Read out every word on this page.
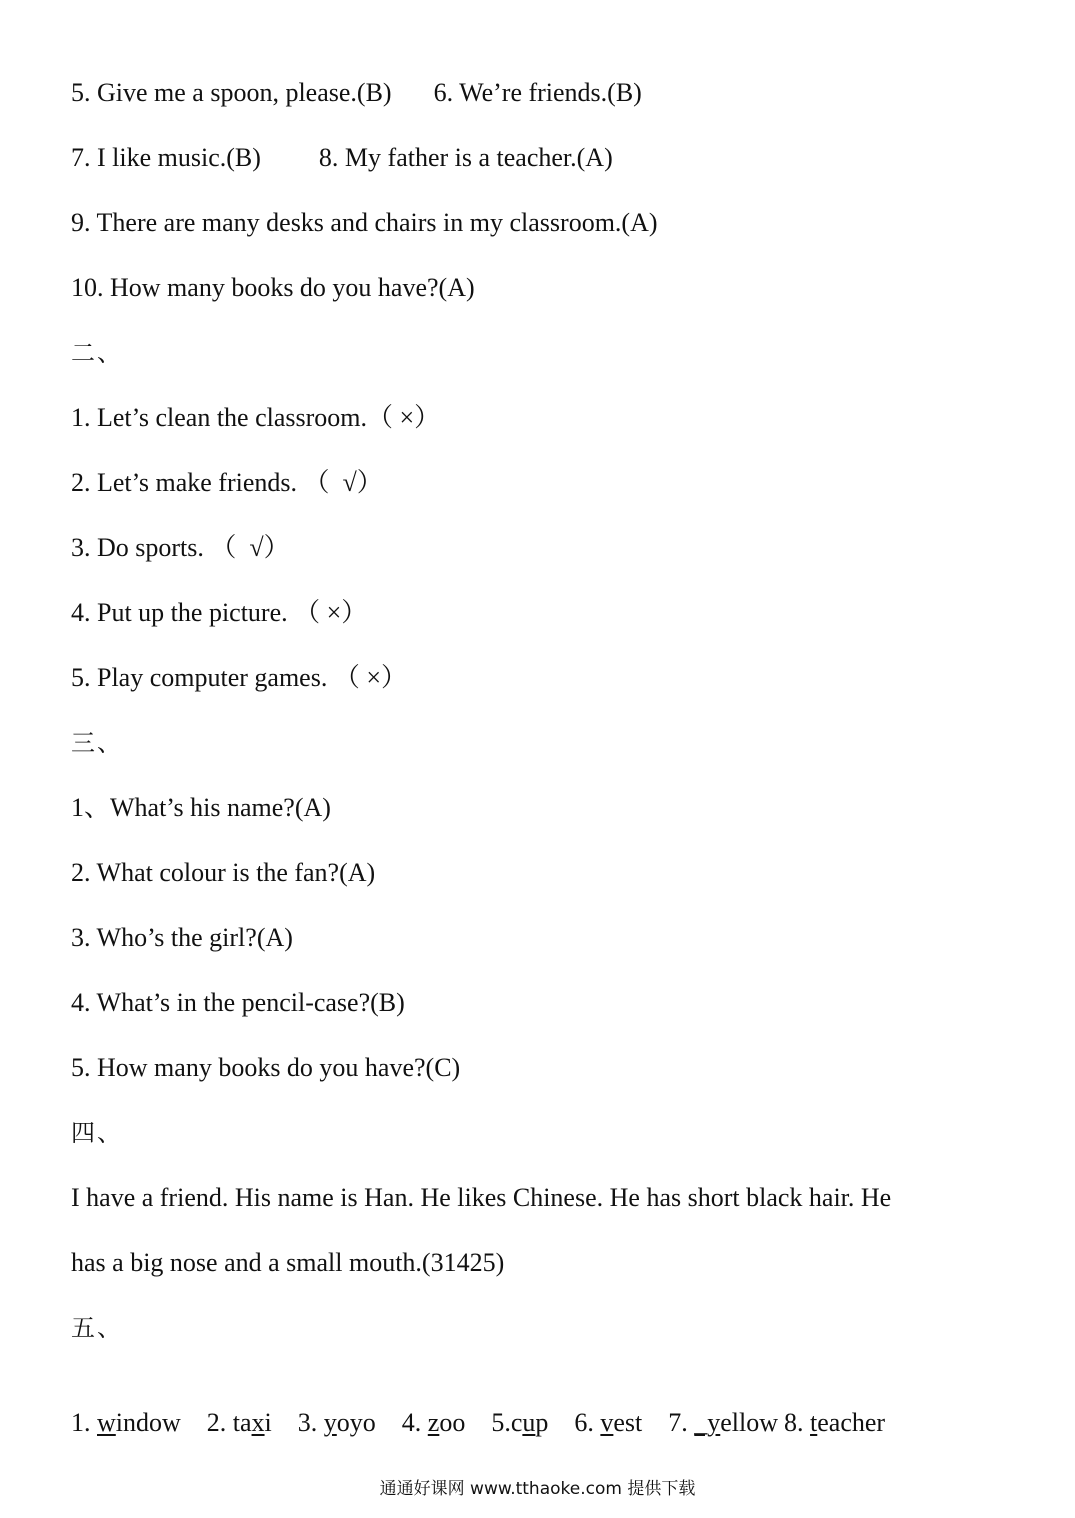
5. Give me a spoon, please.(B) 6. We’re friends.(B)

7. I like music.(B) 8. My father is a teacher.(A)

9. There are many desks and chairs in my classroom.(A)

10. How many books do you have?(A)

二、

1. Let’s clean the classroom.（ ×）

2. Let’s make friends. （  √）

3. Do sports. （  √）

4. Put up the picture. （ ×）

5. Play computer games. （ ×）

三、

1、What’s his name?(A)

2. What colour is the fan?(A)

3. Who’s the girl?(A)

4. What’s in the pencil-case?(B)

5. How many books do you have?(C)

四、

I have a friend. His name is Han. He likes Chinese. He has short black hair. He

has a big nose and a small mouth.(31425)

五、

1. window 2. taxi 3. yoyo 4. zoo 5.cup 6. vest 7. _yellow 8. teacher

通通好课网 www.tthaoke.com 提供下载
